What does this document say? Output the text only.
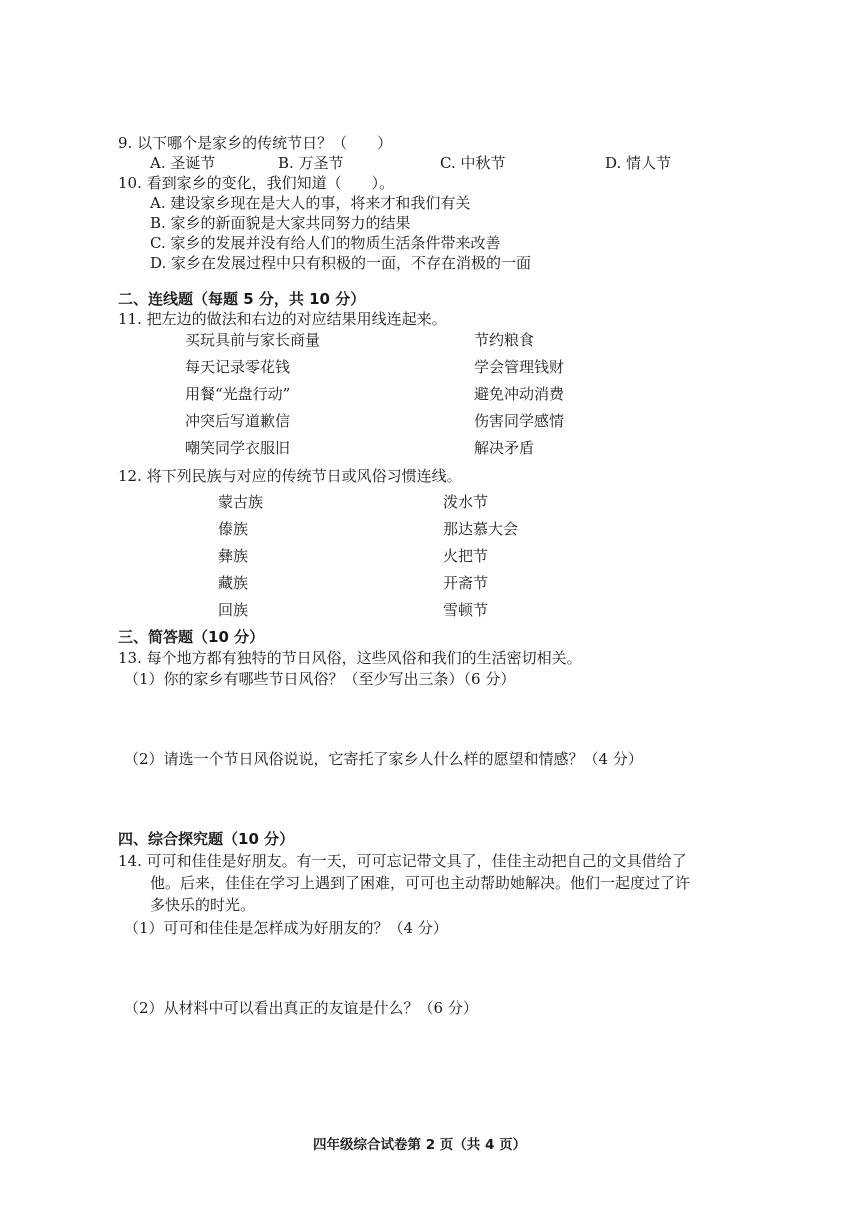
9. 以下哪个是家乡的传统节日？（　　）
A. 圣诞节	B. 万圣节	C. 中秋节	D. 情人节
10. 看到家乡的变化，我们知道（　　）。
A. 建设家乡现在是大人的事，将来才和我们有关
B. 家乡的新面貌是大家共同努力的结果
C. 家乡的发展并没有给人们的物质生活条件带来改善
D. 家乡在发展过程中只有积极的一面，不存在消极的一面
二、连线题（每题 5 分，共 10 分）
11. 把左边的做法和右边的对应结果用线连起来。
买玩具前与家长商量
每天记录零花钱
用餐“光盘行动”
冲突后写道歉信
嘲笑同学衣服旧
节约粮食
学会管理钱财
避免冲动消费
伤害同学感情
解决矛盾
12. 将下列民族与对应的传统节日或风俗习惯连线。
蒙古族
傣族
彝族
藏族
回族
泼水节
那达慕大会
火把节
开斋节
雪顿节
三、简答题（10 分）
13. 每个地方都有独特的节日风俗，这些风俗和我们的生活密切相关。
（1）你的家乡有哪些节日风俗？（至少写出三条）（6 分）
（2）请选一个节日风俗说说，它寄托了家乡人什么样的愿望和情感？（4 分）
四、综合探究题（10 分）
14. 可可和佳佳是好朋友。有一天，可可忘记带文具了，佳佳主动把自己的文具借给了
他。后来，佳佳在学习上遇到了困难，可可也主动帮助她解决。他们一起度过了许
多快乐的时光。
（1）可可和佳佳是怎样成为好朋友的？（4 分）
（2）从材料中可以看出真正的友谊是什么？（6 分）
四年级综合试卷第 2 页（共 4 页）
